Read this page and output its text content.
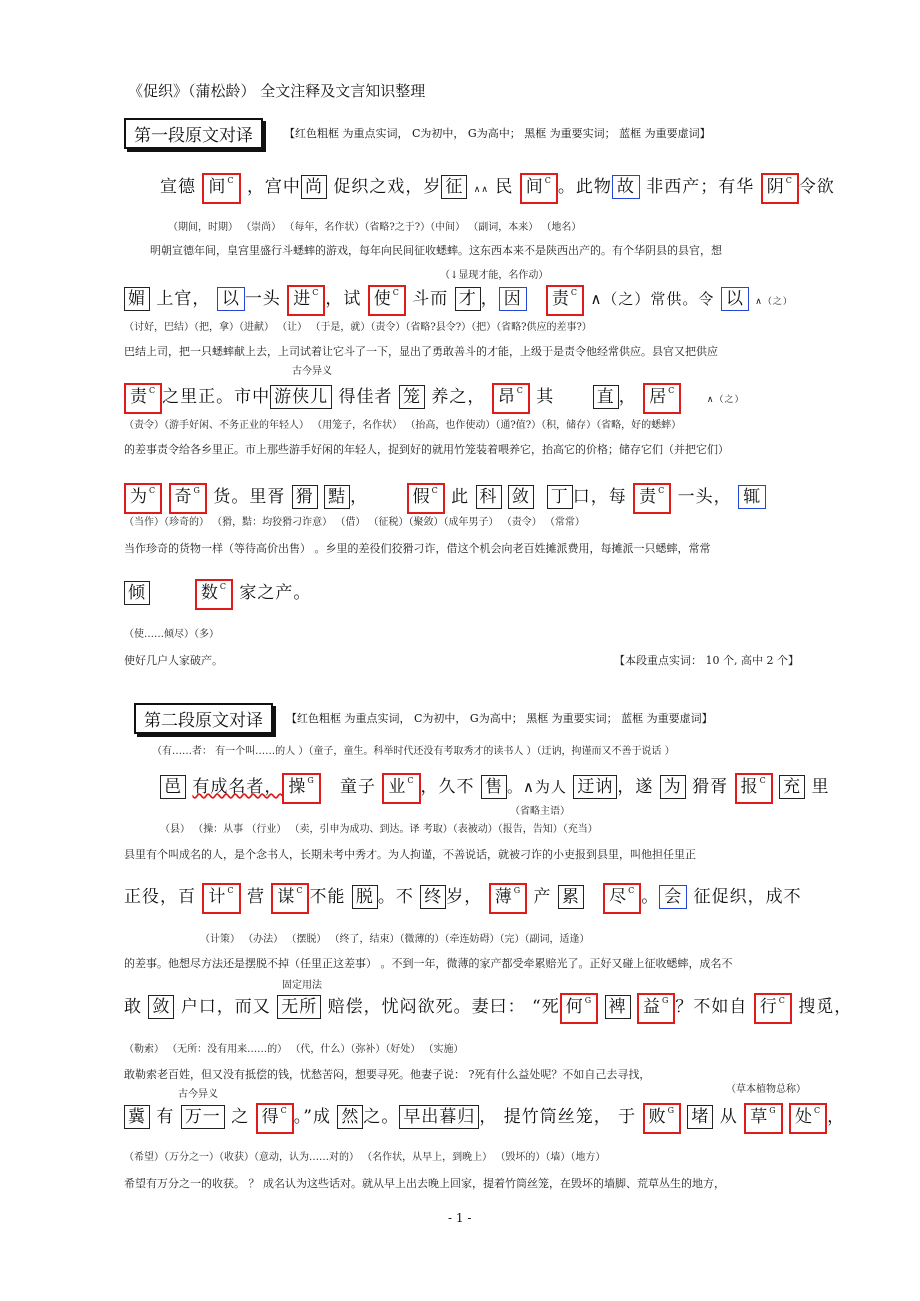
《促织》（蒲松龄） 全文注释及文言知识整理
第一段原文对译	【红色粗框 为重点实词， C为初中， G为高中； 黑框 为重要实词； 蓝框 为重要虚词】
宣德 间$^C$ ，宫中 尚 促织之戏，岁 征 ∧∧ 民 间$^C$ 。此物 故 非西产；有华 阴$^C$ 令欲
（期间，时期） （崇尚） （每年，名作状）（省略?之于?）（中间） （副词，本来） （地名）
明朝宣德年间，皇宫里盛行斗蟋蟀的游戏，每年向民间征收蟋蟀。这东西本来不是陕西出产的。有个华阴县的县官，想
（↓显现才能，名作动）
媚 上官， 以 一头 进$^C$ ，试 使$^C$ 斗而 才 ， 因 责$^C$ ∧（之）常供。令 以 ∧（之）
（讨好，巴结）（把，拿）（进献） （让） （于是，就）（责令）（省略?县令?）（把）（省略?供应的差事?）
巴结上司，把一只蟋蟀献上去，上司试着让它斗了一下，显出了勇敢善斗的才能，上级于是责令他经常供应。县官又把供应
古今异义
责$^C$ 之里正。市中 游侠儿 得佳者 笼 养之， 昂$^C$ 其 直 ， 居$^C$    ∧（之）
（责令）（游手好闲、不务正业的年轻人） （用笼子，名作状） （抬高，也作使动）（通?值?）（积，储存）（省略，好的蟋蟀）
的差事责令给各乡里正。市上那些游手好闲的年轻人，捉到好的就用竹笼装着喂养它，抬高它的价格；储存它们（并把它们）
为$^C$ 奇$^G$ 货。里胥 猾 黠 ，	假$^C$ 此 科 敛 丁 口，每 责$^C$ 一头， 辄
（当作）（珍奇的） （猾，黠：均狡猾刁诈意） （借） （征税）（聚敛）（成年男子） （责令） （常常）
当作珍奇的货物一样（等待高价出售） 。乡里的差役们狡猾刁诈，借这个机会向老百姓摊派费用，每摊派一只蟋蟀，常常
倾	数$^C$ 家之产。
（使……倾尽）（多）
使好几户人家破产。	【本段重点实词： 10 个, 高中 2 个】
第二段原文对译	【红色粗框 为重点实词， C为初中， G为高中； 黑框 为重要实词； 蓝框 为重要虚词】
（有……者： 有一个叫……的人 ）（童子，童生。科举时代还没有考取秀才的读书人 ）（迂讷，拘谨而又不善于说话 ）
邑 有成名者， 操$^G$ 童子 业$^C$ ，久不 售 。∧为人 迂讷 ，遂 为 猾胥 报$^C$ 充 里
（省略主语）
（县） （操：从事 （行业） （卖，引申为成功、到达。译 考取）（表被动）（报告，告知）（充当）
县里有个叫成名的人，是个念书人，长期未考中秀才。为人拘谨，不善说话，就被刁诈的小吏报到县里，叫他担任里正
正役，百 计$^C$ 营 谋$^C$ 不能 脱 。不 终 岁， 薄$^G$ 产 累 尽$^C$ 。 会 征促织，成不
（计策） （办法） （摆脱） （终了，结束）（微薄的）（牵连妨碍）（完）（副词，适逢）
的差事。他想尽方法还是摆脱不掉（任里正这差事） 。不到一年，微薄的家产都受牵累赔光了。正好又碰上征收蟋蟀，成名不
固定用法
敢 敛 户口，而又 无所 赔偿，忧闷欲死。妻曰： “死 何$^G$ 裨 益$^G$ ？不如自 行$^C$ 搜觅，
（勒索） （无所：没有用来……的） （代，什么）（弥补）（好处） （实施）
敢勒索老百姓，但又没有抵偿的钱，忧愁苦闷，想要寻死。他妻子说： ?死有什么益处呢？不如自己去寻找，
古今异义	（草本植物总称）
冀 有 万一 之 得$^C$ 。”成 然 之。 早出暮归 ， 提竹筒丝笼， 于 败$^G$ 堵 从 草$^G$ 处$^C$ ，
（希望）（万分之一）（收获）（意动，认为……对的） （名作状，从早上，到晚上） （毁坏的）（墙）（地方）
希望有万分之一的收获。 ？ 成名认为这些话对。就从早上出去晚上回家，提着竹筒丝笼，在毁坏的墙脚、荒草丛生的地方，
- 1 -
